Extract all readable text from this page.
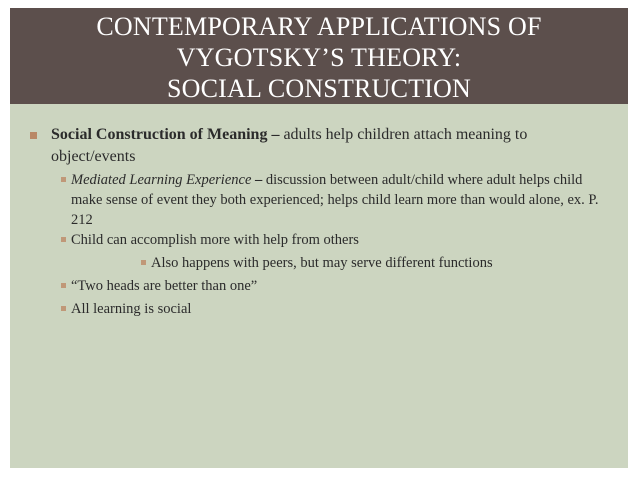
CONTEMPORARY APPLICATIONS OF
VYGOTSKY’S THEORY:
SOCIAL CONSTRUCTION
Social Construction of Meaning – adults help children attach meaning to object/events
Mediated Learning Experience – discussion between adult/child where adult helps child make sense of event they both experienced; helps child learn more than would alone, ex. P. 212
Child can accomplish more with help from others
Also happens with peers, but may serve different functions
“Two heads are better than one”
All learning is social
